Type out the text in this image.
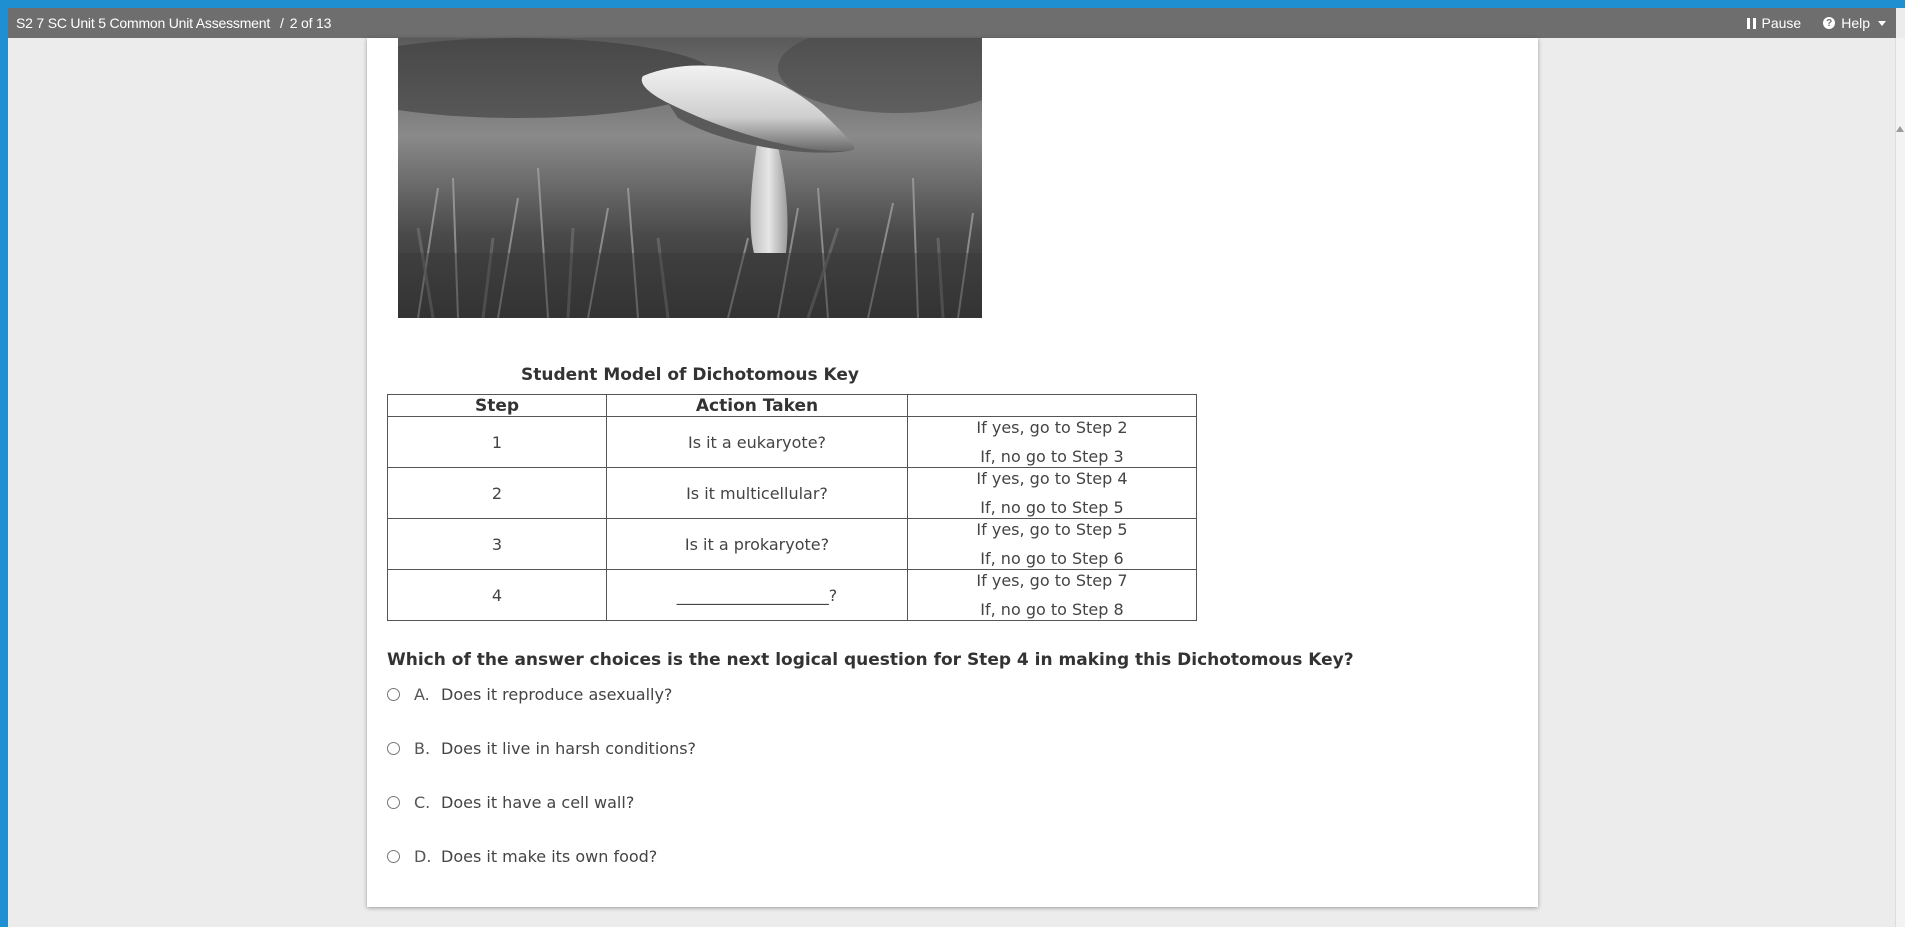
S2 7 SC Unit 5 Common Unit Assessment / 2 of 13	Pause ? Help
Student Model of Dichotomous Key
Step	Action Taken	
1	Is it a eukaryote?	If yes, go to Step 2
If, no go to Step 3

2	Is it multicellular?	If yes, go to Step 4
If, no go to Step 5

3	Is it a prokaryote?	If yes, go to Step 5
If, no go to Step 6

4	___________________?	If yes, go to Step 7
If, no go to Step 8
Which of the answer choices is the next logical question for Step 4 in making this Dichotomous Key?
A. Does it reproduce asexually?
B. Does it live in harsh conditions?
C. Does it have a cell wall?
D. Does it make its own food?
